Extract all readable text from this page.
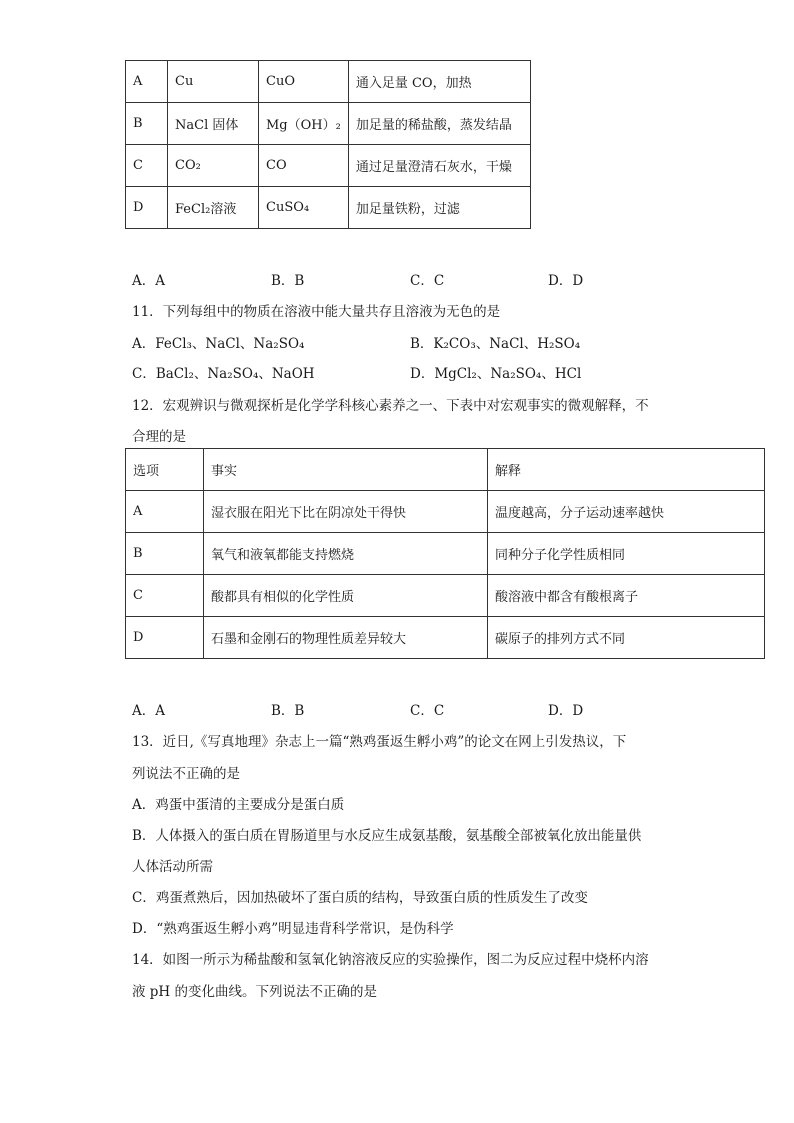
A	Cu	CuO	通入足量 CO，加热
B	NaCl 固体	Mg（OH）₂	加足量的稀盐酸，蒸发结晶
C	CO₂	CO	通过足量澄清石灰水，干燥
D	FeCl₂溶液	CuSO₄	加足量铁粉，过滤
A．A	B．B	C．C	D．D
11．下列每组中的物质在溶液中能大量共存且溶液为无色的是
A．FeCl₃、NaCl、Na₂SO₄	B．K₂CO₃、NaCl、H₂SO₄
C．BaCl₂、Na₂SO₄、NaOH	D．MgCl₂、Na₂SO₄、HCl
12．宏观辨识与微观探析是化学学科核心素养之一、下表中对宏观事实的微观解释，不
合理的是
选项	事实	解释
A	湿衣服在阳光下比在阴凉处干得快	温度越高，分子运动速率越快
B	氧气和液氧都能支持燃烧	同种分子化学性质相同
C	酸都具有相似的化学性质	酸溶液中都含有酸根离子
D	石墨和金刚石的物理性质差异较大	碳原子的排列方式不同
A．A	B．B	C．C	D．D
13．近日,《写真地理》杂志上一篇“熟鸡蛋返生孵小鸡”的论文在网上引发热议，下
列说法不正确的是
A．鸡蛋中蛋清的主要成分是蛋白质
B．人体摄入的蛋白质在胃肠道里与水反应生成氨基酸，氨基酸全部被氧化放出能量供
人体活动所需
C．鸡蛋煮熟后，因加热破坏了蛋白质的结构，导致蛋白质的性质发生了改变
D．“熟鸡蛋返生孵小鸡”明显违背科学常识，是伪科学
14．如图一所示为稀盐酸和氢氧化钠溶液反应的实验操作，图二为反应过程中烧杯内溶
液 pH 的变化曲线。下列说法不正确的是
